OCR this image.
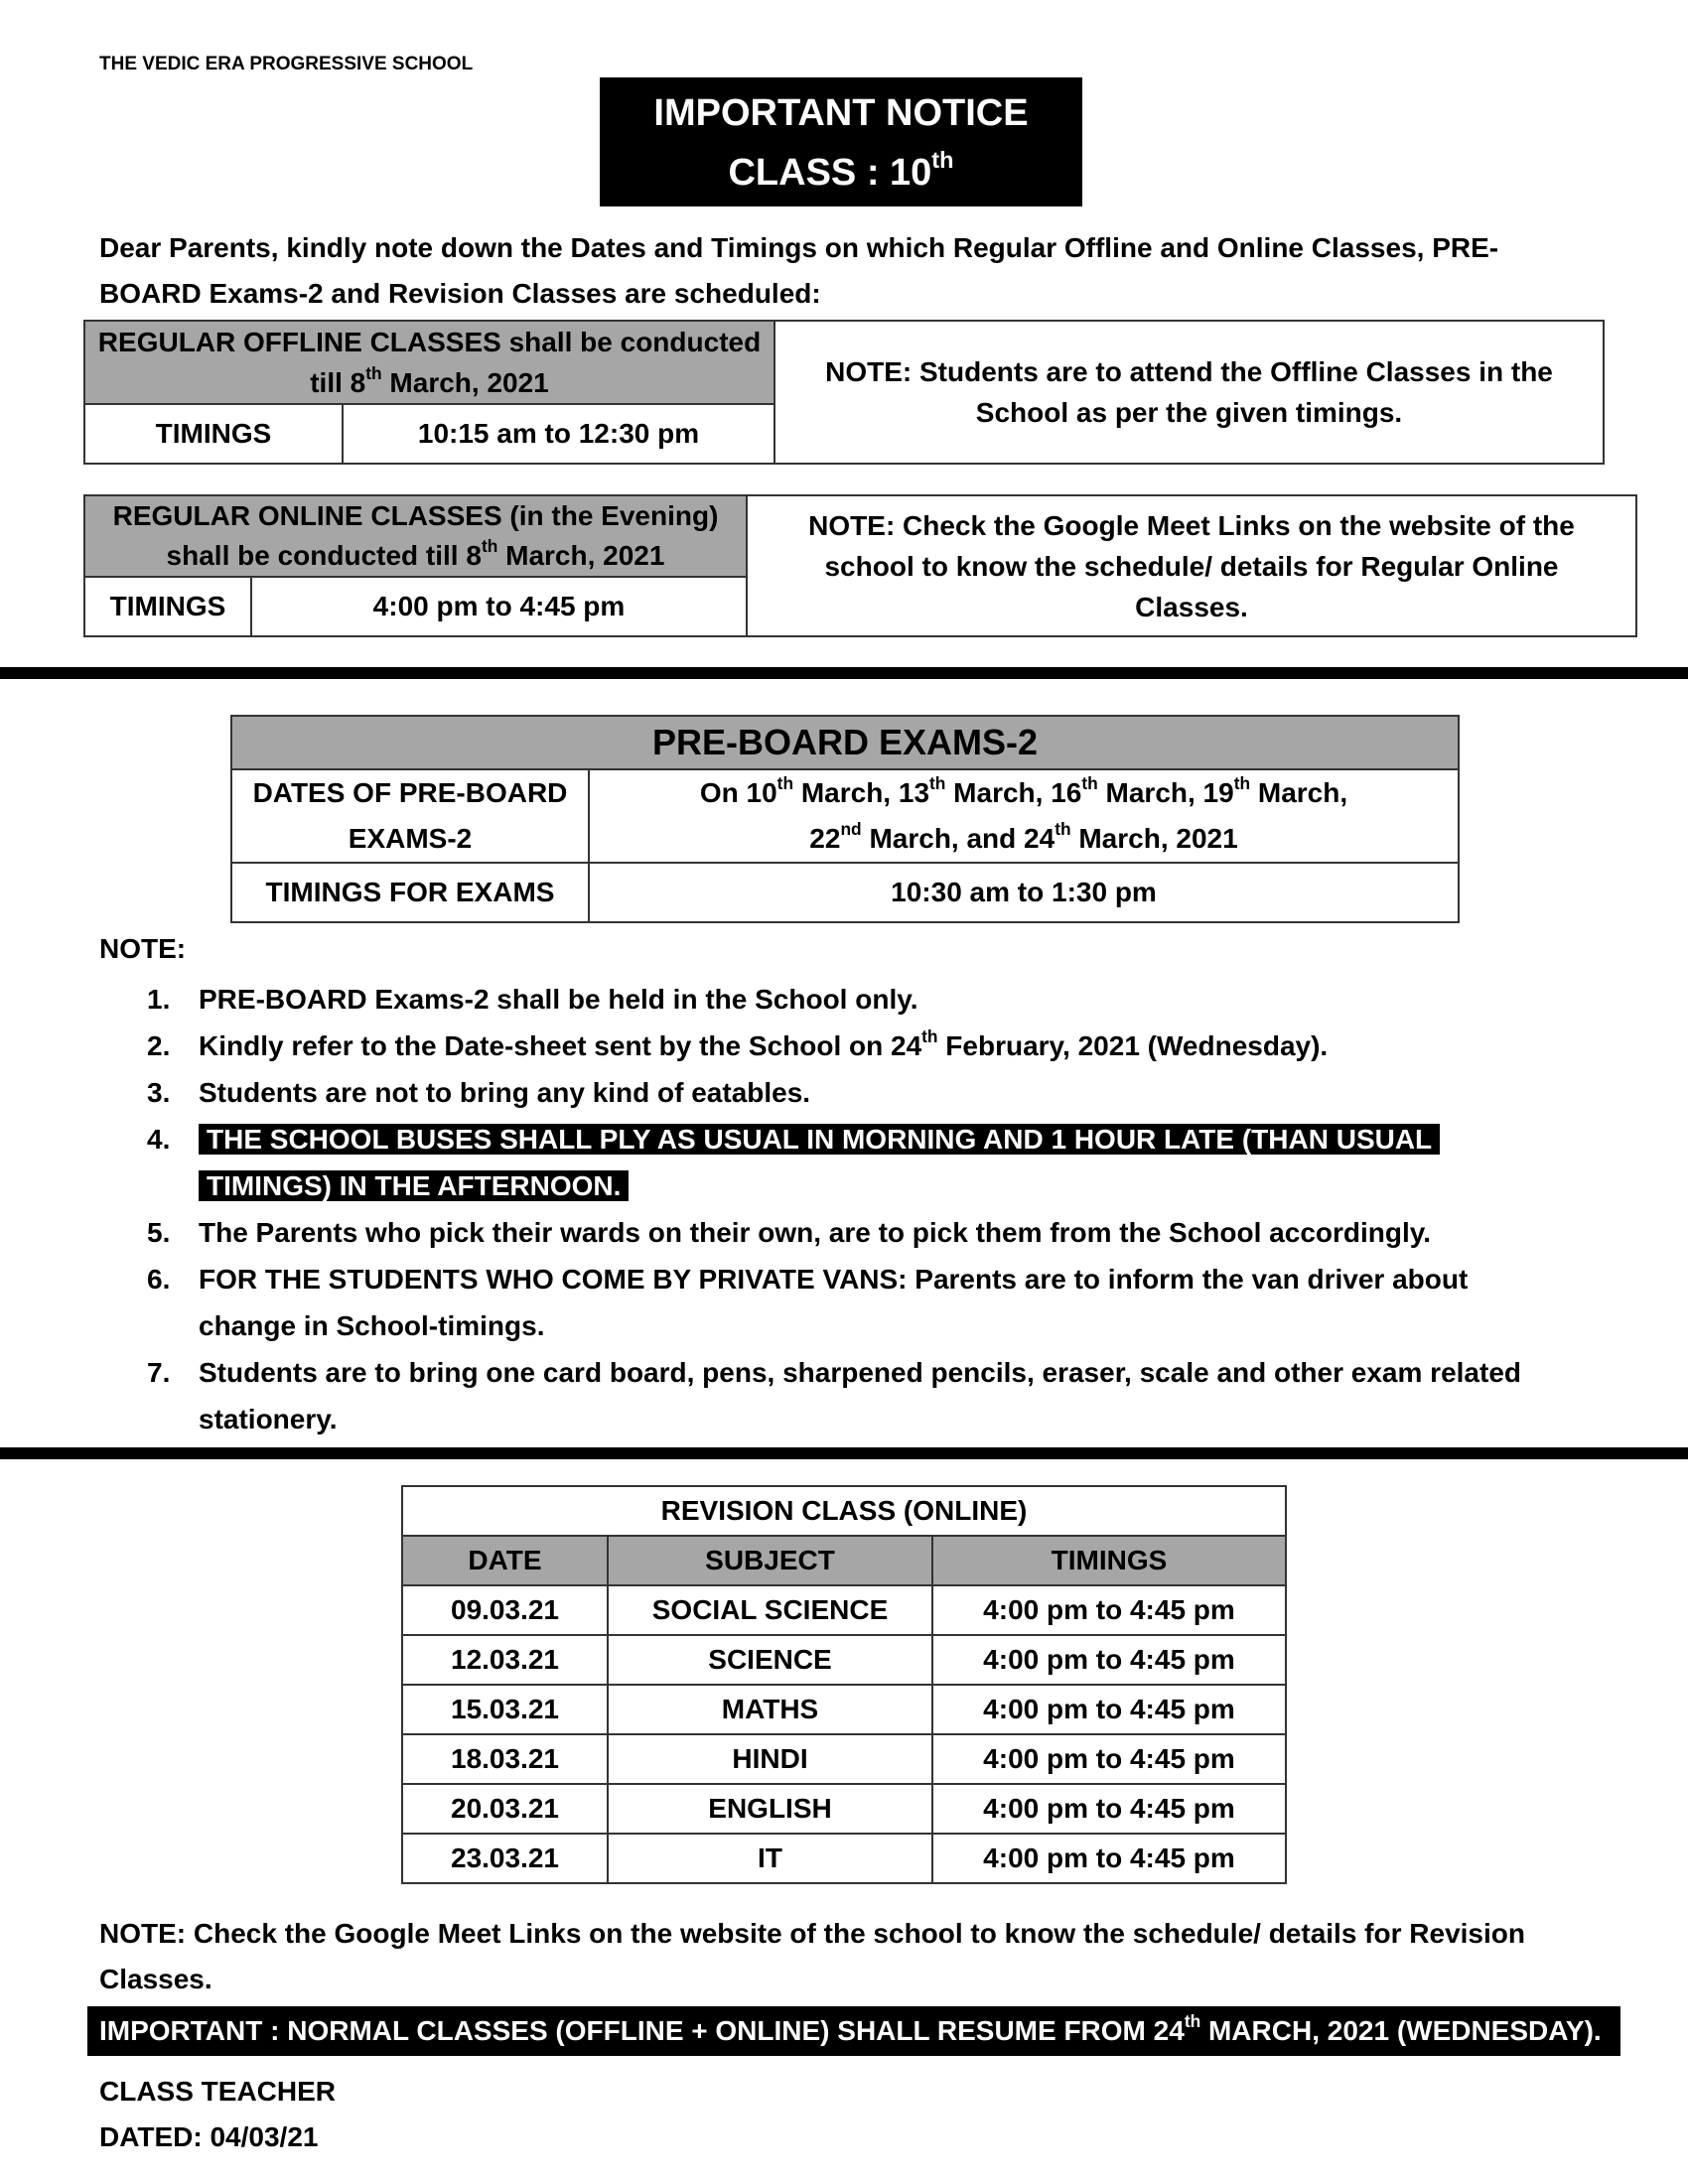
THE VEDIC ERA PROGRESSIVE SCHOOL
IMPORTANT NOTICE
CLASS : 10th
Dear Parents, kindly note down the Dates and Timings on which Regular Offline and Online Classes, PRE-BOARD Exams-2 and Revision Classes are scheduled:
REGULAR OFFLINE CLASSES shall be conducted
till 8th March, 2021		NOTE: Students are to attend the Offline Classes in the School as per the given timings.
TIMINGS	10:15 am to 12:30 pm	
REGULAR ONLINE CLASSES (in the Evening)
shall be conducted till 8th March, 2021		NOTE: Check the Google Meet Links on the website of the school to know the schedule/ details for Regular Online Classes.
TIMINGS	4:00 pm to 4:45 pm	
PRE-BOARD EXAMS-2	
DATES OF PRE-BOARD
EXAMS-2	On 10th March, 13th March, 16th March, 19th March,
22nd March, and 24th March, 2021
TIMINGS FOR EXAMS	10:30 am to 1:30 pm
NOTE:
1.	PRE-BOARD Exams-2 shall be held in the School only.
2.	Kindly refer to the Date-sheet sent by the School on 24th February, 2021 (Wednesday).
3.	Students are not to bring any kind of eatables.
4.	THE SCHOOL BUSES SHALL PLY AS USUAL IN MORNING AND 1 HOUR LATE (THAN USUAL TIMINGS) IN THE AFTERNOON.
5.	The Parents who pick their wards on their own, are to pick them from the School accordingly.
6.	FOR THE STUDENTS WHO COME BY PRIVATE VANS: Parents are to inform the van driver about change in School-timings.
7.	Students are to bring one card board, pens, sharpened pencils, eraser, scale and other exam related stationery.
REVISION CLASS (ONLINE)		
DATE	SUBJECT	TIMINGS
09.03.21	SOCIAL SCIENCE	4:00 pm to 4:45 pm
12.03.21	SCIENCE	4:00 pm to 4:45 pm
15.03.21	MATHS	4:00 pm to 4:45 pm
18.03.21	HINDI	4:00 pm to 4:45 pm
20.03.21	ENGLISH	4:00 pm to 4:45 pm
23.03.21	IT	4:00 pm to 4:45 pm
NOTE: Check the Google Meet Links on the website of the school to know the schedule/ details for Revision Classes.
IMPORTANT : NORMAL CLASSES (OFFLINE + ONLINE) SHALL RESUME FROM 24th MARCH, 2021 (WEDNESDAY).
CLASS TEACHER
DATED: 04/03/21
